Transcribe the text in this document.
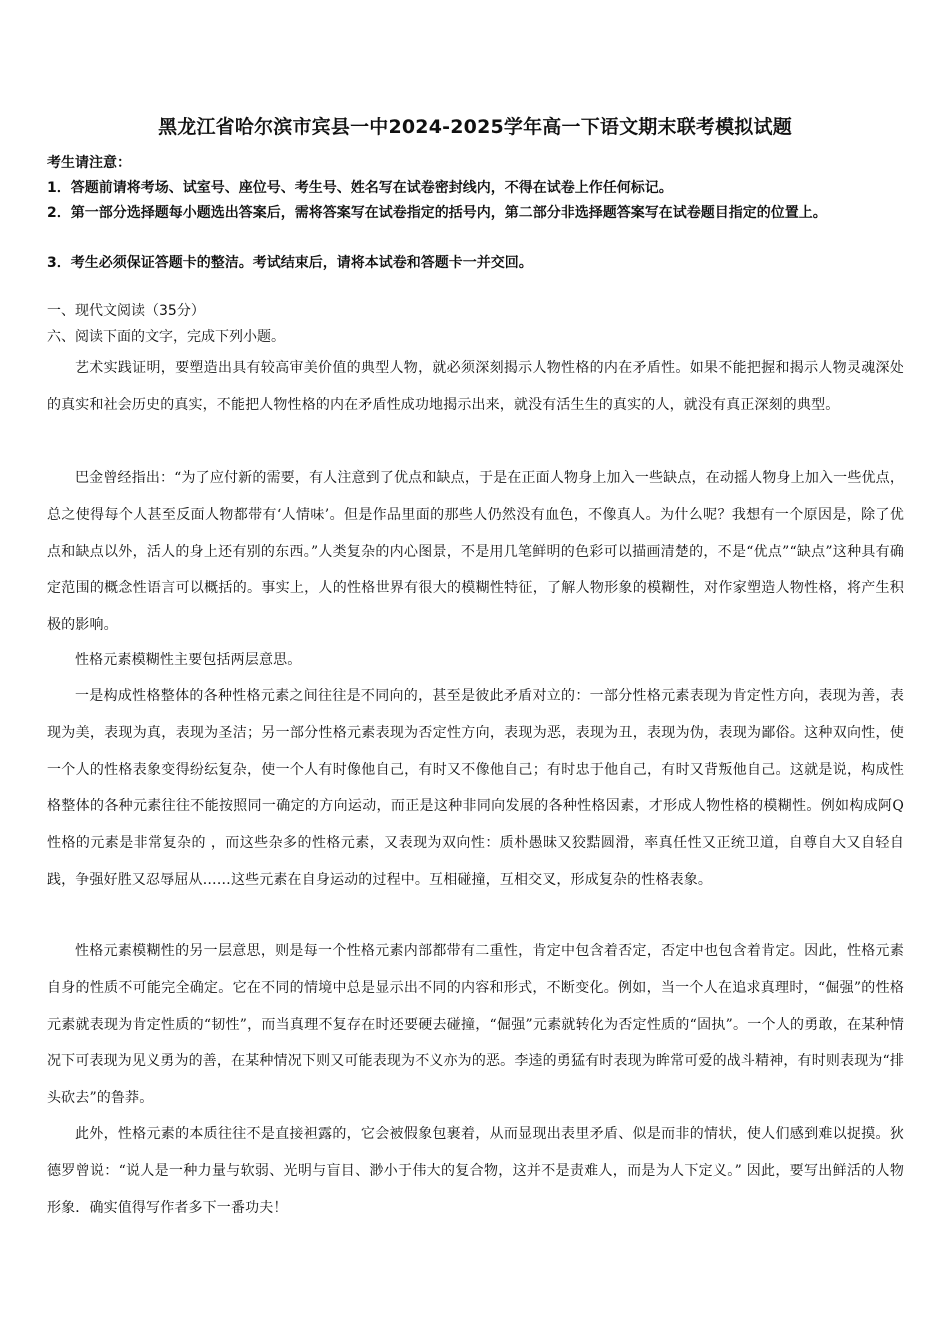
黑龙江省哈尔滨市宾县一中2024-2025学年高一下语文期末联考模拟试题
考生请注意：
1．答题前请将考场、试室号、座位号、考生号、姓名写在试卷密封线内，不得在试卷上作任何标记。
2．第一部分选择题每小题选出答案后，需将答案写在试卷指定的括号内，第二部分非选择题答案写在试卷题目指定的位置上。
3．考生必须保证答题卡的整洁。考试结束后，请将本试卷和答题卡一并交回。
一、现代文阅读（35分）
六、阅读下面的文字，完成下列小题。

艺术实践证明，要塑造出具有较高审美价值的典型人物，就必须深刻揭示人物性格的内在矛盾性。如果不能把握和揭示人物灵魂深处的真实和社会历史的真实，不能把人物性格的内在矛盾性成功地揭示出来，就没有活生生的真实的人，就没有真正深刻的典型。

巴金曾经指出：“为了应付新的需要，有人注意到了优点和缺点，于是在正面人物身上加入一些缺点，在动摇人物身上加入一些优点，总之使得每个人甚至反面人物都带有‘人情味’。但是作品里面的那些人仍然没有血色，不像真人。为什么呢？我想有一个原因是，除了优点和缺点以外，活人的身上还有别的东西。”人类复杂的内心图景，不是用几笔鲜明的色彩可以描画清楚的，不是“优点”“缺点”这种具有确定范围的概念性语言可以概括的。事实上，人的性格世界有很大的模糊性特征，了解人物形象的模糊性，对作家塑造人物性格，将产生积极的影响。

性格元素模糊性主要包括两层意思。

一是构成性格整体的各种性格元素之间往往是不同向的，甚至是彼此矛盾对立的：一部分性格元素表现为肯定性方向，表现为善，表现为美，表现为真，表现为圣洁；另一部分性格元素表现为否定性方向，表现为恶，表现为丑，表现为伪，表现为鄙俗。这种双向性，使一个人的性格表象变得纷纭复杂，使一个人有时像他自己，有时又不像他自己；有时忠于他自己，有时又背叛他自己。这就是说，构成性格整体的各种元素往往不能按照同一确定的方向运动，而正是这种非同向发展的各种性格因素，才形成人物性格的模糊性。例如构成阿Q性格的元素是非常复杂的 ，而这些杂多的性格元素，又表现为双向性：质朴愚昧又狡黠圆滑，率真任性又正统卫道，自尊自大又自轻自践，争强好胜又忍辱屈从……这些元素在自身运动的过程中。互相碰撞，互相交叉，形成复杂的性格表象。

性格元素模糊性的另一层意思，则是每一个性格元素内部都带有二重性，肯定中包含着否定，否定中也包含着肯定。因此，性格元素自身的性质不可能完全确定。它在不同的情境中总是显示出不同的内容和形式，不断变化。例如，当一个人在追求真理时，“倔强”的性格元素就表现为肯定性质的“韧性”，而当真理不复存在时还要硬去碰撞，“倔强”元素就转化为否定性质的“固执”。一个人的勇敢，在某种情况下可表现为见义勇为的善，在某种情况下则又可能表现为不义亦为的恶。李逵的勇猛有时表现为眸常可爱的战斗精神，有时则表现为“排头砍去”的鲁莽。

此外，性格元素的本质往往不是直接袒露的，它会被假象包裹着，从而显现出表里矛盾、似是而非的情状，使人们感到难以捉摸。狄德罗曾说：“说人是一种力量与软弱、光明与盲目、渺小于伟大的复合物，这并不是责难人，而是为人下定义。” 因此，要写出鲜活的人物形象．确实值得写作者多下一番功夫！
